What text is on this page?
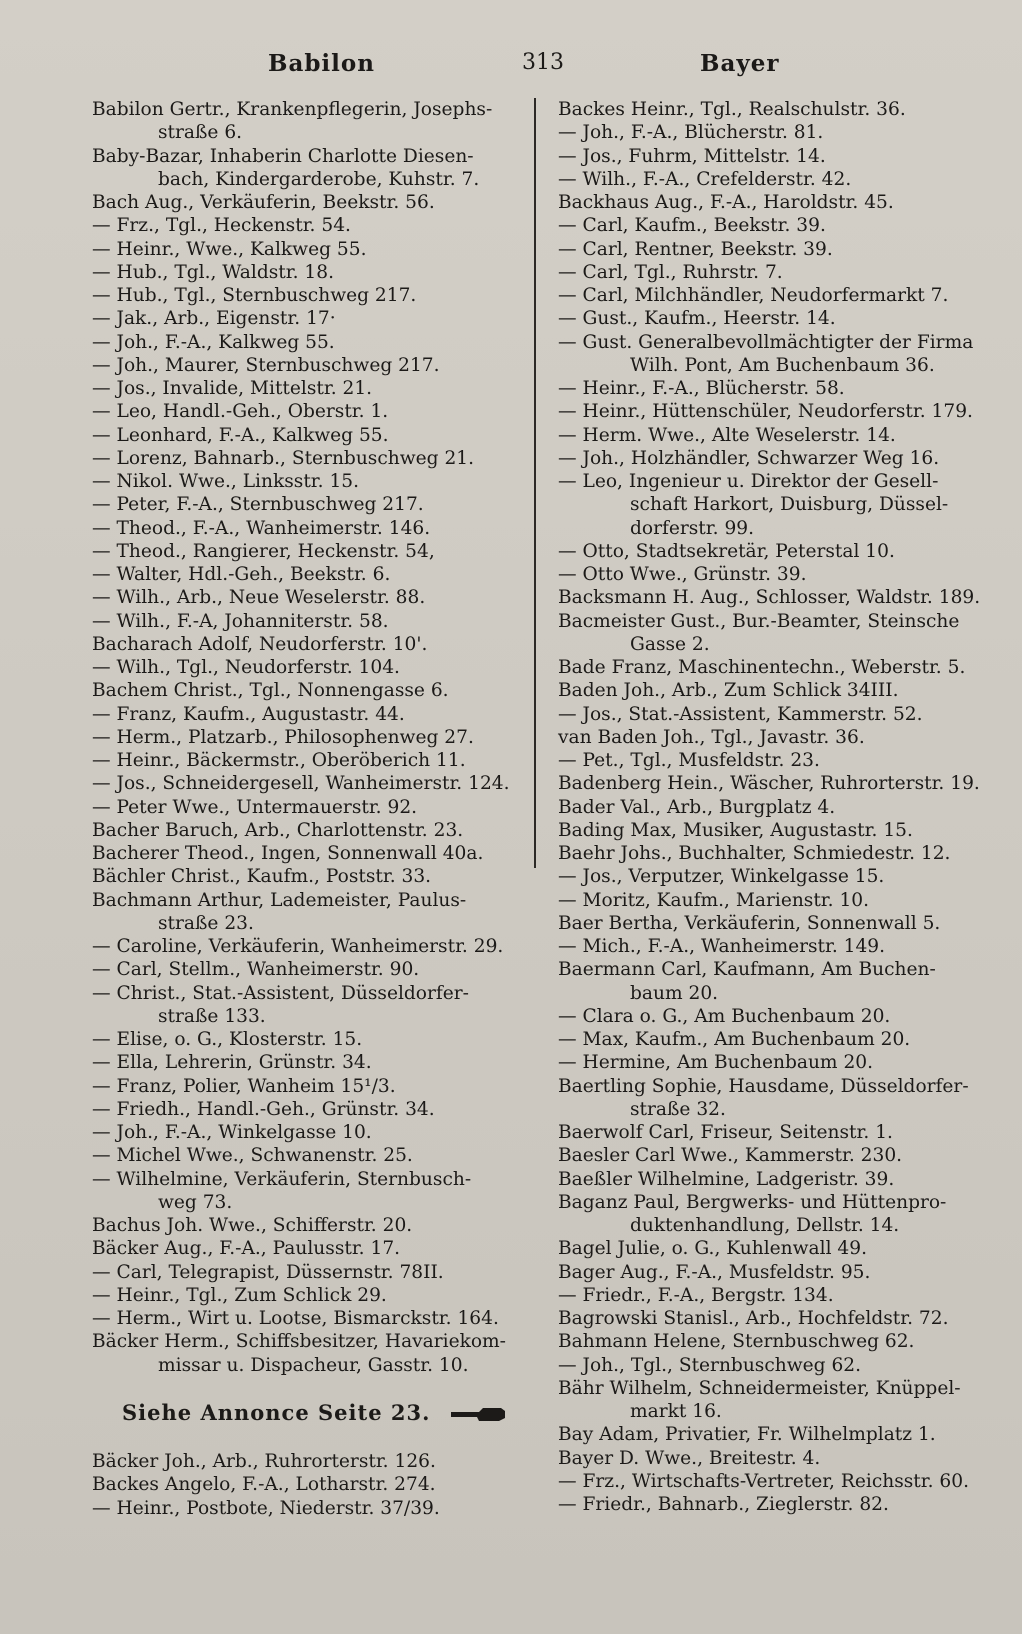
Babilon	313	Bayer

Babilon Gertr., Krankenpflegerin, Josephs-
straße 6.

Baby-Bazar, Inhaberin Charlotte Diesen-
bach, Kindergarderobe, Kuhstr. 7.

Bach Aug., Verkäuferin, Beekstr. 56.

— Frz., Tgl., Heckenstr. 54.

— Heinr., Wwe., Kalkweg 55.

— Hub., Tgl., Waldstr. 18.

— Hub., Tgl., Sternbuschweg 217.

— Jak., Arb., Eigenstr. 17·

— Joh., F.-A., Kalkweg 55.

— Joh., Maurer, Sternbuschweg 217.

— Jos., Invalide, Mittelstr. 21.

— Leo, Handl.-Geh., Oberstr. 1.

— Leonhard, F.-A., Kalkweg 55.

— Lorenz, Bahnarb., Sternbuschweg 21.

— Nikol. Wwe., Linksstr. 15.

— Peter, F.-A., Sternbuschweg 217.

— Theod., F.-A., Wanheimerstr. 146.

— Theod., Rangierer, Heckenstr. 54,

— Walter, Hdl.-Geh., Beekstr. 6.

— Wilh., Arb., Neue Weselerstr. 88.

— Wilh., F.-A, Johanniterstr. 58.

Bacharach Adolf, Neudorferstr. 10'.

— Wilh., Tgl., Neudorferstr. 104.

Bachem Christ., Tgl., Nonnengasse 6.

— Franz, Kaufm., Augustastr. 44.

— Herm., Platzarb., Philosophenweg 27.

— Heinr., Bäckermstr., Oberöberich 11.

— Jos., Schneidergesell, Wanheimerstr. 124.

— Peter Wwe., Untermauerstr. 92.

Bacher Baruch, Arb., Charlottenstr. 23.

Bacherer Theod., Ingen, Sonnenwall 40a.

Bächler Christ., Kaufm., Poststr. 33.

Bachmann Arthur, Lademeister, Paulus-
straße 23.

— Caroline, Verkäuferin, Wanheimerstr. 29.

— Carl, Stellm., Wanheimerstr. 90.

— Christ., Stat.-Assistent, Düsseldorfer-
straße 133.

— Elise, o. G., Klosterstr. 15.

— Ella, Lehrerin, Grünstr. 34.

— Franz, Polier, Wanheim 15¹/3.

— Friedh., Handl.-Geh., Grünstr. 34.

— Joh., F.-A., Winkelgasse 10.

— Michel Wwe., Schwanenstr. 25.

— Wilhelmine, Verkäuferin, Sternbusch-
weg 73.

Bachus Joh. Wwe., Schifferstr. 20.

Bäcker Aug., F.-A., Paulusstr. 17.

— Carl, Telegrapist, Düssernstr. 78II.

— Heinr., Tgl., Zum Schlick 29.

— Herm., Wirt u. Lootse, Bismarckstr. 164.

Bäcker Herm., Schiffsbesitzer, Havariekom-
missar u. Dispacheur, Gasstr. 10.

Siehe Annonce Seite 23.

Bäcker Joh., Arb., Ruhrorterstr. 126.

Backes Angelo, F.-A., Lotharstr. 274.

— Heinr., Postbote, Niederstr. 37/39.

Backes Heinr., Tgl., Realschulstr. 36.

— Joh., F.-A., Blücherstr. 81.

— Jos., Fuhrm, Mittelstr. 14.

— Wilh., F.-A., Crefelderstr. 42.

Backhaus Aug., F.-A., Haroldstr. 45.

— Carl, Kaufm., Beekstr. 39.

— Carl, Rentner, Beekstr. 39.

— Carl, Tgl., Ruhrstr. 7.

— Carl, Milchhändler, Neudorfermarkt 7.

— Gust., Kaufm., Heerstr. 14.

— Gust. Generalbevollmächtigter der Firma
Wilh. Pont, Am Buchenbaum 36.

— Heinr., F.-A., Blücherstr. 58.

— Heinr., Hüttenschüler, Neudorferstr. 179.

— Herm. Wwe., Alte Weselerstr. 14.

— Joh., Holzhändler, Schwarzer Weg 16.

— Leo, Ingenieur u. Direktor der Gesell-
schaft Harkort, Duisburg, Düssel-

dorferstr. 99.

— Otto, Stadtsekretär, Peterstal 10.

— Otto Wwe., Grünstr. 39.

Backsmann H. Aug., Schlosser, Waldstr. 189.

Bacmeister Gust., Bur.-Beamter, Steinsche
Gasse 2.

Bade Franz, Maschinentechn., Weberstr. 5.

Baden Joh., Arb., Zum Schlick 34III.

— Jos., Stat.-Assistent, Kammerstr. 52.

van Baden Joh., Tgl., Javastr. 36.

— Pet., Tgl., Musfeldstr. 23.

Badenberg Hein., Wäscher, Ruhrorterstr. 19.

Bader Val., Arb., Burgplatz 4.

Bading Max, Musiker, Augustastr. 15.

Baehr Johs., Buchhalter, Schmiedestr. 12.

— Jos., Verputzer, Winkelgasse 15.

— Moritz, Kaufm., Marienstr. 10.

Baer Bertha, Verkäuferin, Sonnenwall 5.

— Mich., F.-A., Wanheimerstr. 149.

Baermann Carl, Kaufmann, Am Buchen-
baum 20.

— Clara o. G., Am Buchenbaum 20.

— Max, Kaufm., Am Buchenbaum 20.

— Hermine, Am Buchenbaum 20.

Baertling Sophie, Hausdame, Düsseldorfer-
straße 32.

Baerwolf Carl, Friseur, Seitenstr. 1.

Baesler Carl Wwe., Kammerstr. 230.

Baeßler Wilhelmine, Ladgeristr. 39.

Baganz Paul, Bergwerks- und Hüttenpro-
duktenhandlung, Dellstr. 14.

Bagel Julie, o. G., Kuhlenwall 49.

Bager Aug., F.-A., Musfeldstr. 95.

— Friedr., F.-A., Bergstr. 134.

Bagrowski Stanisl., Arb., Hochfeldstr. 72.

Bahmann Helene, Sternbuschweg 62.

— Joh., Tgl., Sternbuschweg 62.

Bähr Wilhelm, Schneidermeister, Knüppel-
markt 16.

Bay Adam, Privatier, Fr. Wilhelmplatz 1.

Bayer D. Wwe., Breitestr. 4.

— Frz., Wirtschafts-Vertreter, Reichsstr. 60.

— Friedr., Bahnarb., Zieglerstr. 82.
